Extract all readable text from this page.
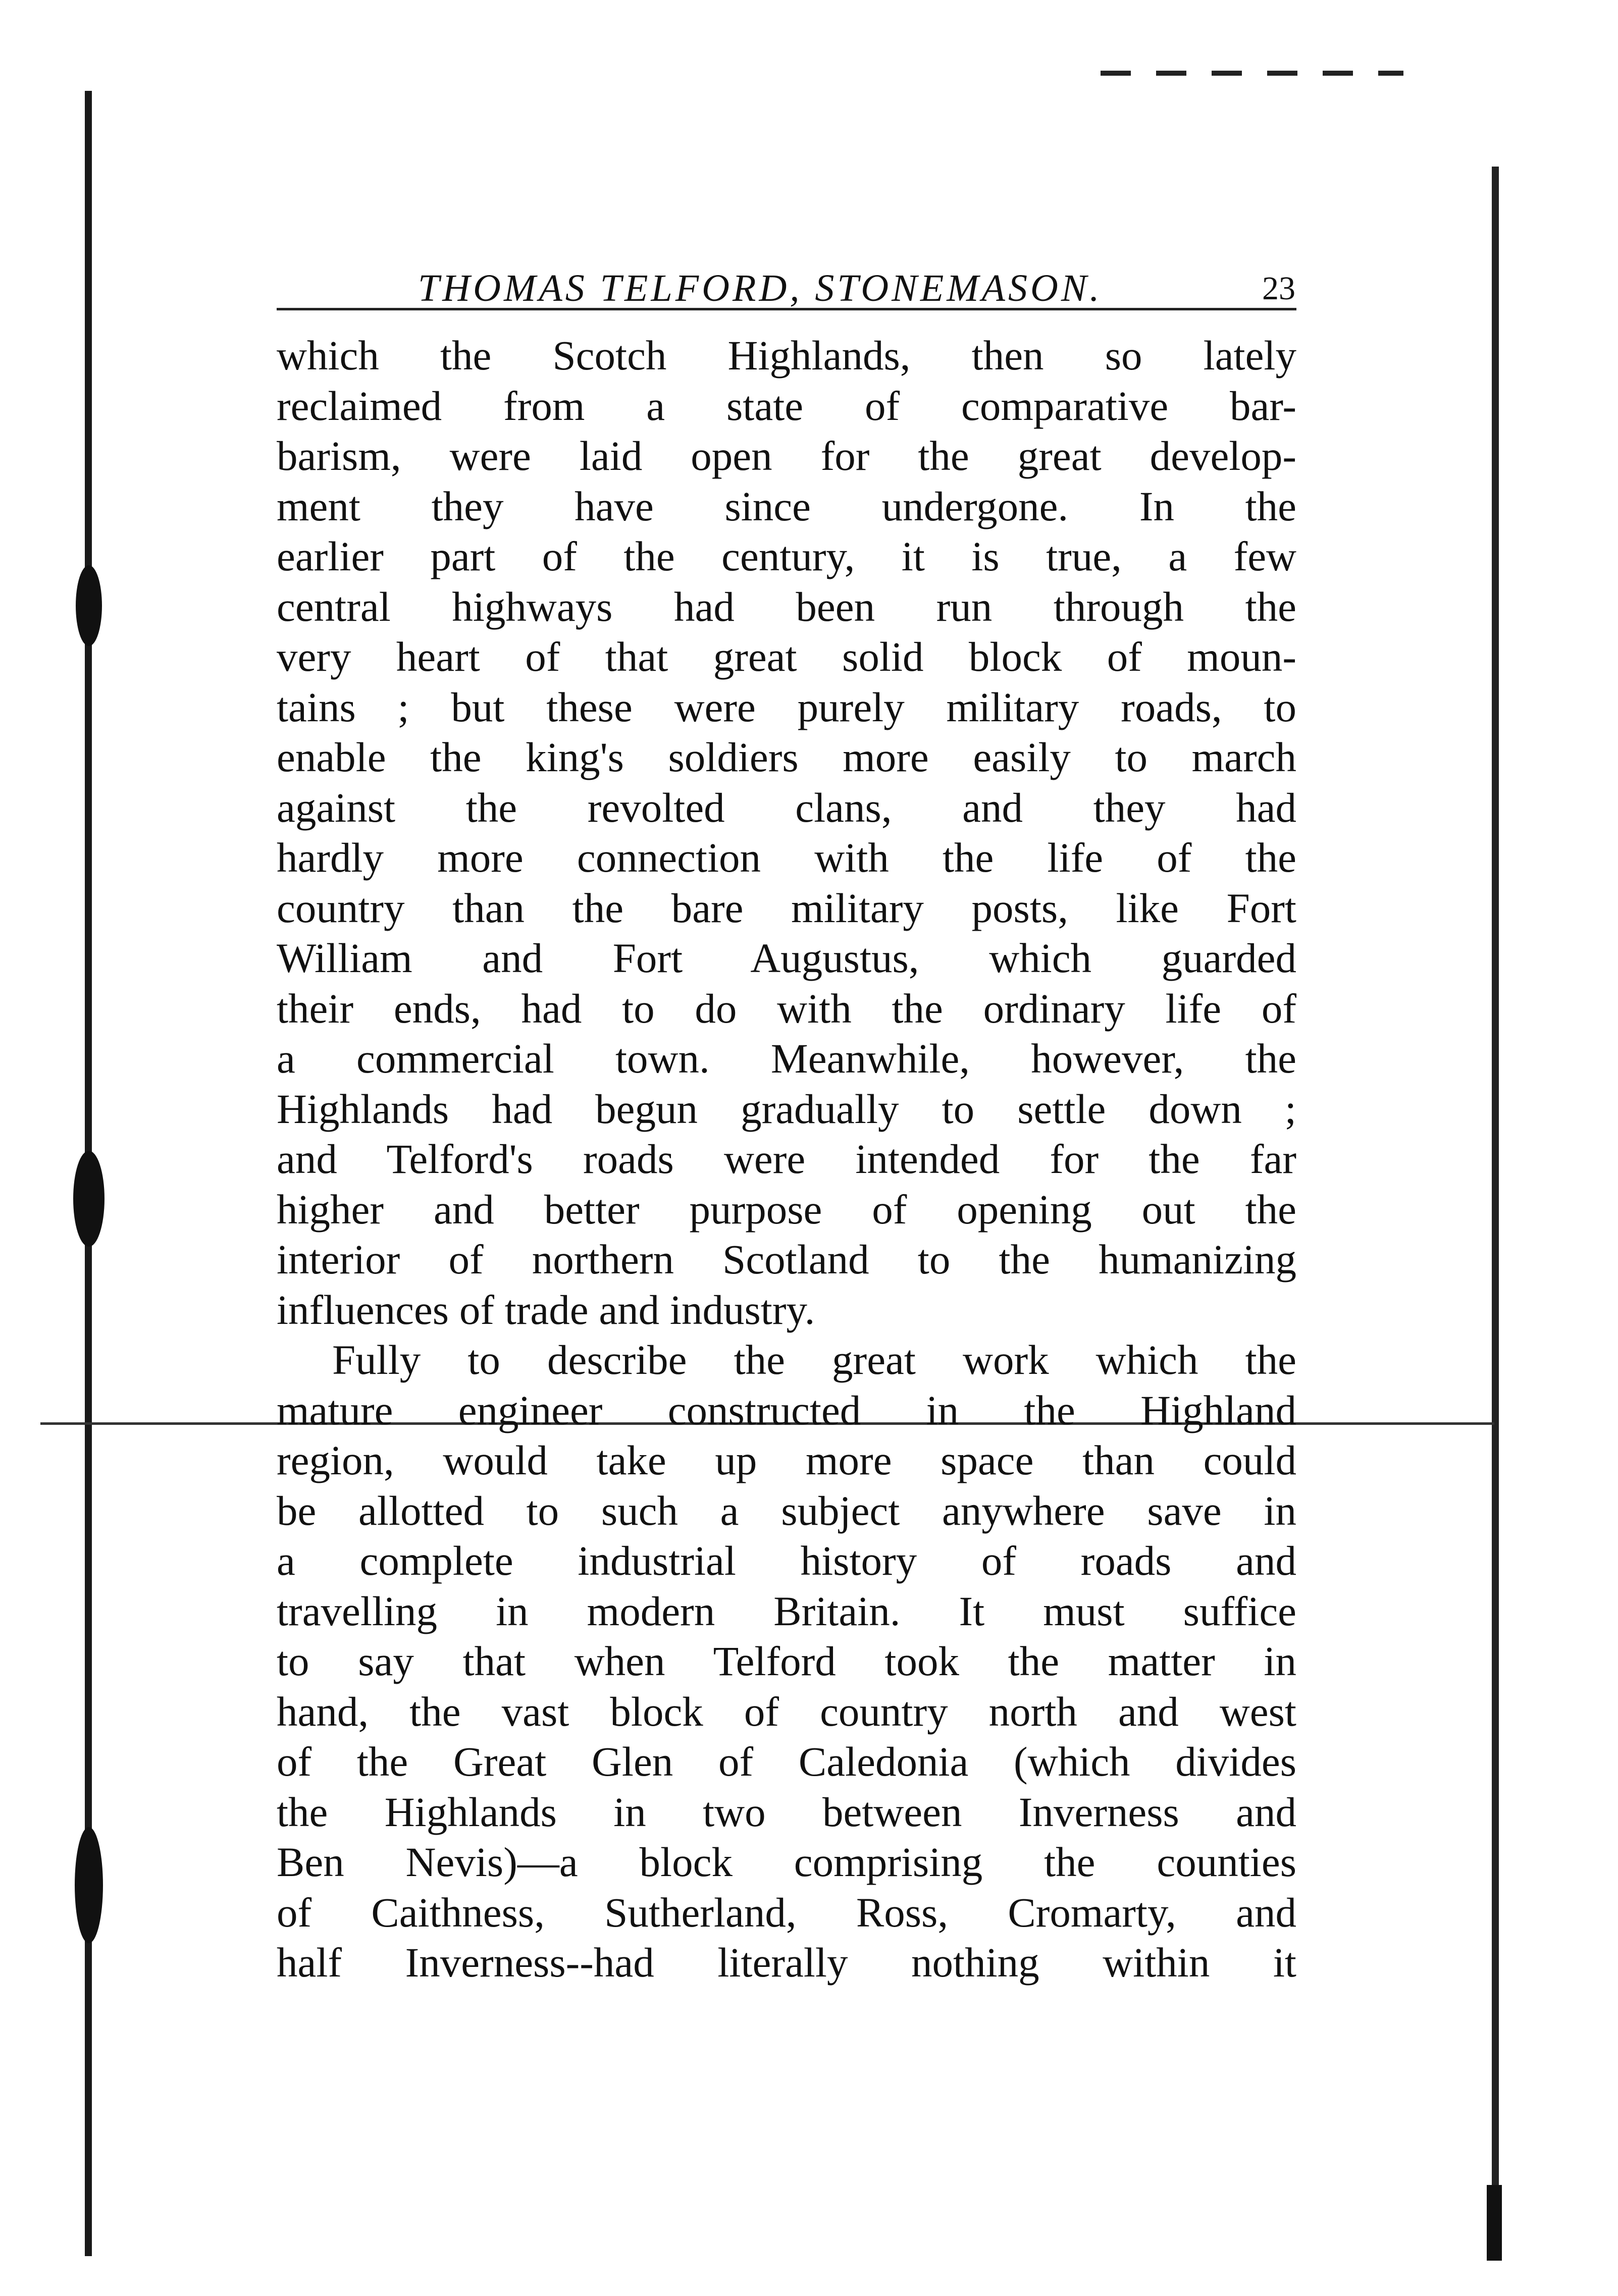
THOMAS TELFORD, STONEMASON.	23
which the Scotch Highlands, then so lately
reclaimed from a state of comparative bar-
barism, were laid open for the great develop-
ment they have since undergone. In the
earlier part of the century, it is true, a few
central highways had been run through the
very heart of that great solid block of moun-
tains ; but these were purely military roads, to
enable the king's soldiers more easily to march
against the revolted clans, and they had
hardly more connection with the life of the
country than the bare military posts, like Fort
William and Fort Augustus, which guarded
their ends, had to do with the ordinary life of
a commercial town. Meanwhile, however, the
Highlands had begun gradually to settle down ;
and Telford's roads were intended for the far
higher and better purpose of opening out the
interior of northern Scotland to the humanizing
influences of trade and industry.
Fully to describe the great work which the
mature engineer constructed in the Highland
region, would take up more space than could
be allotted to such a subject anywhere save in
a complete industrial history of roads and
travelling in modern Britain. It must suffice
to say that when Telford took the matter in
hand, the vast block of country north and west
of the Great Glen of Caledonia (which divides
the Highlands in two between Inverness and
Ben Nevis)—a block comprising the counties
of Caithness, Sutherland, Ross, Cromarty, and
half Inverness--had literally nothing within it
